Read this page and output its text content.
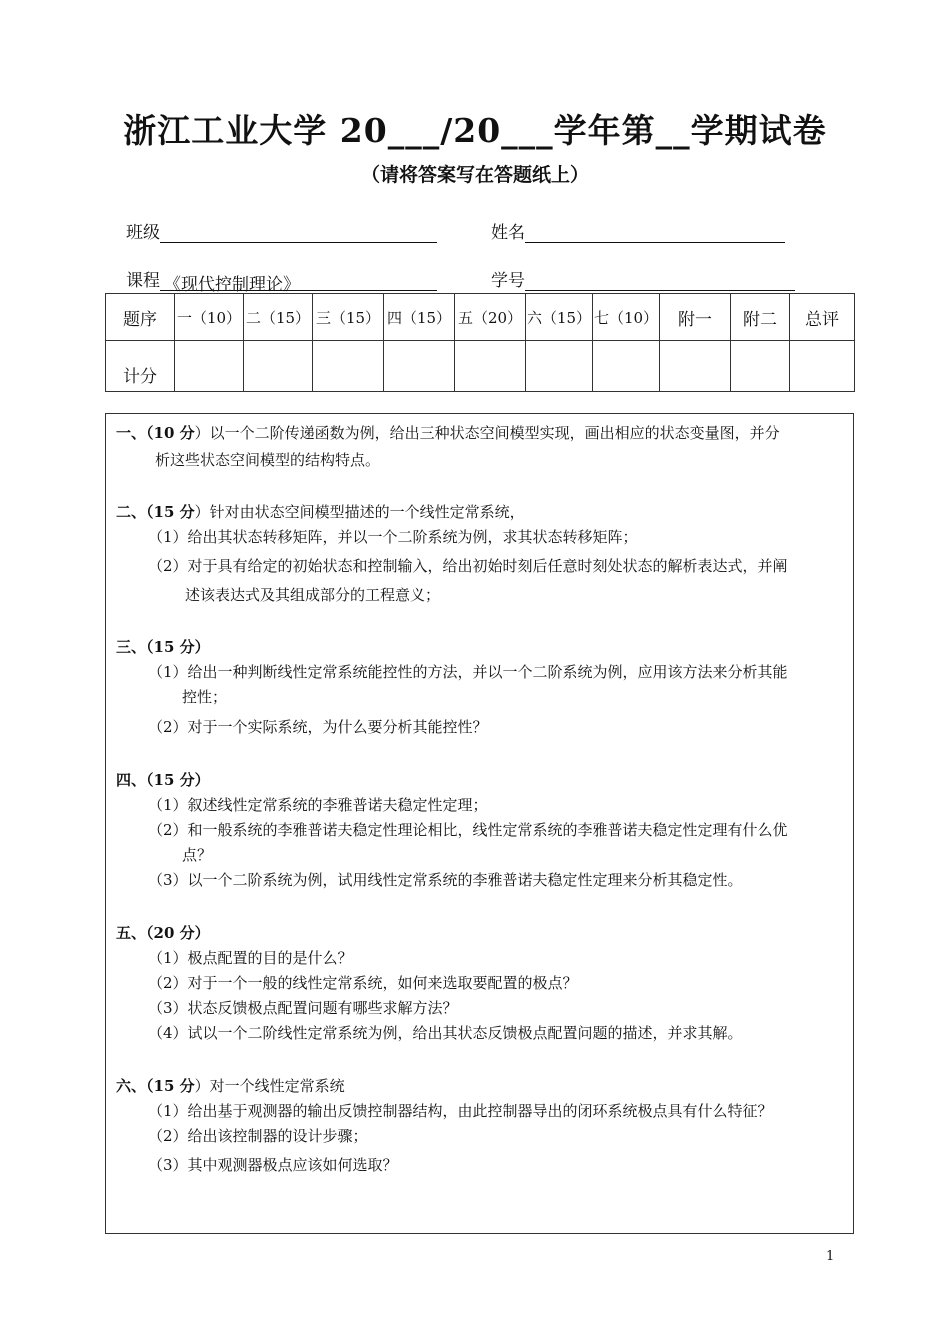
浙江工业大学 20___/20___学年第__学期试卷
（请将答案写在答题纸上）
班级	姓名
课程 《现代控制理论》	学号
题序	一（10）	二（15）	三（15）	四（15）	五（20）	六（15）	七（10）	附一	附二	总评
计分										
一、（10 分）以一个二阶传递函数为例，给出三种状态空间模型实现，画出相应的状态变量图，并分
析这些状态空间模型的结构特点。
二、（15 分）针对由状态空间模型描述的一个线性定常系统，
（1）给出其状态转移矩阵，并以一个二阶系统为例，求其状态转移矩阵；
（2）对于具有给定的初始状态和控制输入，给出初始时刻后任意时刻处状态的解析表达式，并阐
述该表达式及其组成部分的工程意义；
三、（15 分）
（1）给出一种判断线性定常系统能控性的方法，并以一个二阶系统为例，应用该方法来分析其能
控性；
（2）对于一个实际系统，为什么要分析其能控性？
四、（15 分）
（1）叙述线性定常系统的李雅普诺夫稳定性定理；
（2）和一般系统的李雅普诺夫稳定性理论相比，线性定常系统的李雅普诺夫稳定性定理有什么优
点？
（3）以一个二阶系统为例，试用线性定常系统的李雅普诺夫稳定性定理来分析其稳定性。
五、（20 分）
（1）极点配置的目的是什么？
（2）对于一个一般的线性定常系统，如何来选取要配置的极点？
（3）状态反馈极点配置问题有哪些求解方法？
（4）试以一个二阶线性定常系统为例，给出其状态反馈极点配置问题的描述，并求其解。
六、（15 分）对一个线性定常系统
（1）给出基于观测器的输出反馈控制器结构，由此控制器导出的闭环系统极点具有什么特征？
（2）给出该控制器的设计步骤；
（3）其中观测器极点应该如何选取？
1
